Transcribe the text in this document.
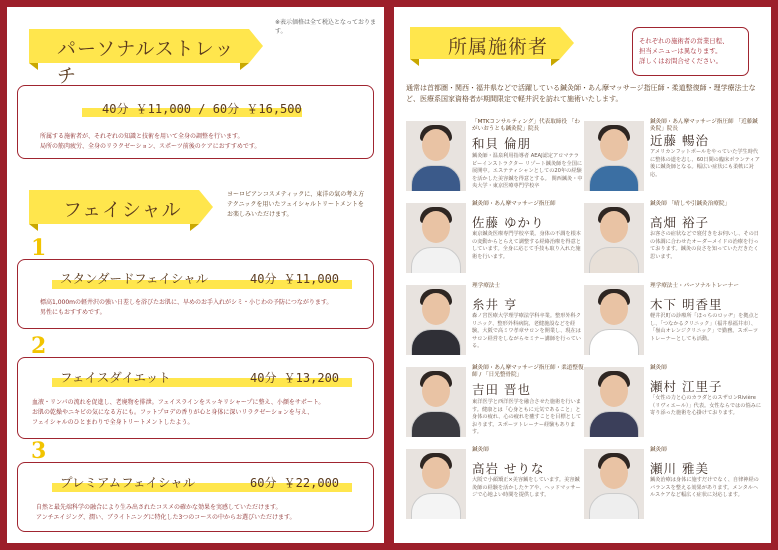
※表示価格は全て税込となっております。
パーソナルストレッチ
40分 ￥11,000 / 60分 ￥16,500
所属する施術者が、それぞれの知識と技術を用いて全身の調整を行います。
局所の筋肉疲労、全身のリラクゼーション、スポーツ前後のケアにおすすめです。
フェイシャル
ヨーロピアンコスメティックに、東洋の氣の考え方
テクニックを用いたフェイシャルトリートメントを
お楽しみいただけます。
1
スタンダードフェイシャル	40分 ￥11,000
標高1,000mの軽井沢の強い日差しを浴びたお肌に、早めのお手入れがシミ・小じわの予防につながります。
男性にもおすすめです。
2
フェイスダイエット	40分 ￥13,200
血液・リンパの流れを促進し、老廃物を排泄。フェイスラインをスッキリシャープに整え、小顔をサポート。
お肌の乾燥やニキビの気になる方にも。フットプロデの香りが心と身体に深いリラクゼーションを与え、
フェイシャルのひとまわりで全身トリートメントしたよう。
3
プレミアムフェイシャル	60分 ￥22,000
自然と最先端科学の融合により生み出されたコスメの確かな効果を実感していただけます。
アンチエイジング、潤い、ブライトニングに特化した3つのコースの中からお選びいただけます。
所属施術者	それぞれの施術者の営業日程、
担当メニューは異なります。
詳しくはお問合せください。
通常は首都圏・関西・福井県などで活躍している鍼灸師・あん摩マッサージ指圧師・柔道整復師・理学療法士など、医療系国家資格者が期間限定で軽井沢を訪れて施術いたします。
「MTKコンサルティング」代表取締役 「わがいおうとも鍼灸院」院長
和貝 倫朋
鍼灸師・温泉利用指導者 AEAJ認定アロマテラピーインストラクター リゾート鍼灸師を全国に展開中。エステティシャンとしての20年の経験を活かした美容鍼を得意とする。 関西鍼灸・中央大学・東京医療専門学校卒
鍼灸師・あん摩マッサージ指圧師 「近藤鍼灸院」院長
近藤 暢治
アメリカンフットボールをやっていた学生時代に整体の道を志し、60日間の臨床ボランティア後に鍼灸師となる。幅広い症状にも柔軟に対応。
鍼灸師・あん摩マッサージ指圧師
佐藤 ゆかり
東京鍼灸医療専門学校卒業。身体の不調を根本の変動からとらえて調整する経絡治療を得意としています。全身に応じて手技も取り入れた施術を行います。
鍼灸師 「晴しや引鍼灸治療院」
高畑 裕子
お客さの症状などで寝付きをお伺いし、その日の体調に合わせたオーダーメイドの治療を行っております。鍼灸の良さを知っていただきたく思います。
理学療法士
糸井 亨
森ノ宮医療大学理学療法学科卒業。整形外科クリニック、整形外科病院、老健施設などを経験。大阪で高ミワ孝章サロンを開業し、現在はサロン経営をしながらセミナー講師を行っている。
理学療法士・パーソナルトレーナー
木下 明香里
軽井沢町の診療所「ほっちのロッヂ」を拠点とし、「つなかるクリニック」（福井県福井市）、「嶺山オレンジクリニック」で勤務。スポーツトレーナーとしても活動。
鍼灸師・あん摩マッサージ指圧師・柔道整復師 / 「日光整骨院」
吉田 晋也
東洋医学と西洋医学を融合させた施術を行います。健康とは「心身ともに元気であること」と身体の疲れ、心の疲れを癒すことを目標としております。スポーツトレーナー経験もあります。
鍼灸師
瀬村 江里子
「女性の力と心のカラダとのスザロンRivière（リヴィエール）」代表。女性ならではの悩みに寄り添った施術を心掛けております。
鍼灸師
高岩 せりな
大阪で小顔矯正×美容鍼をしています。美容鍼灸師の経験を活かしたケアや、ヘッドマッサージで心地よい時間を提供します。
鍼灸師
瀬川 雅美
鍼灸治療は身体に施すだけでなく、自律神経のバランスを整える効果があります。メンタルヘルスケアなど幅広く症状に対応します。
